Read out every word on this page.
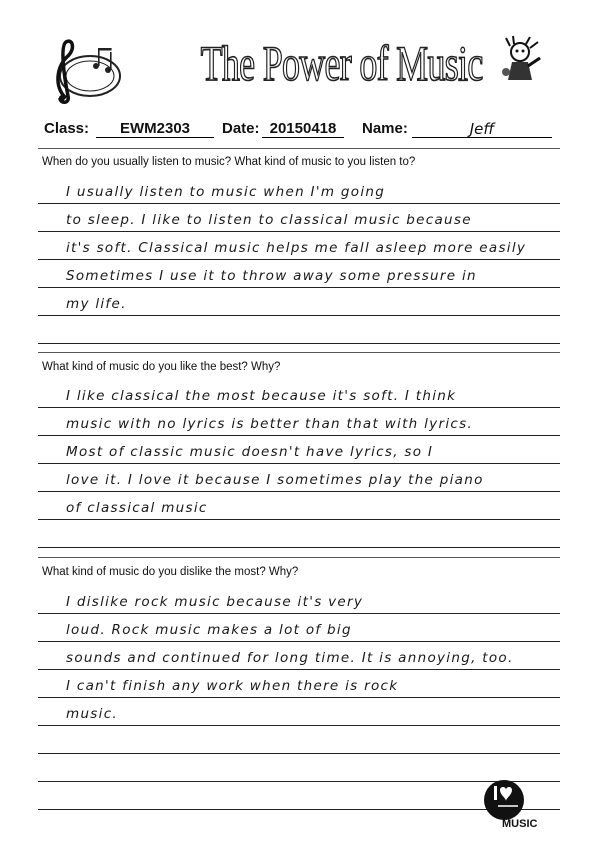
The Power of Music
Class:	EWM2303	Date: 20150418	Name:	Jeff
When do you usually listen to music? What kind of music to you listen to?
I usually listen to music when I'm going
to sleep. I like to listen to classical music because
it's soft. Classical music helps me fall asleep more easily
Sometimes I use it to throw away some pressure in
my life.
What kind of music do you like the best? Why?
I like classical the most because it's soft. I think
music with no lyrics is better than that with lyrics.
Most of classic music doesn't have lyrics, so I
love it. I love it because I sometimes play the piano
of classical music
What kind of music do you dislike the most? Why?
I dislike rock music because it's very
loud. Rock music makes a lot of big
sounds and continued for long time. It is annoying, too.
I can't finish any work when there is rock
music.
MUSIC
